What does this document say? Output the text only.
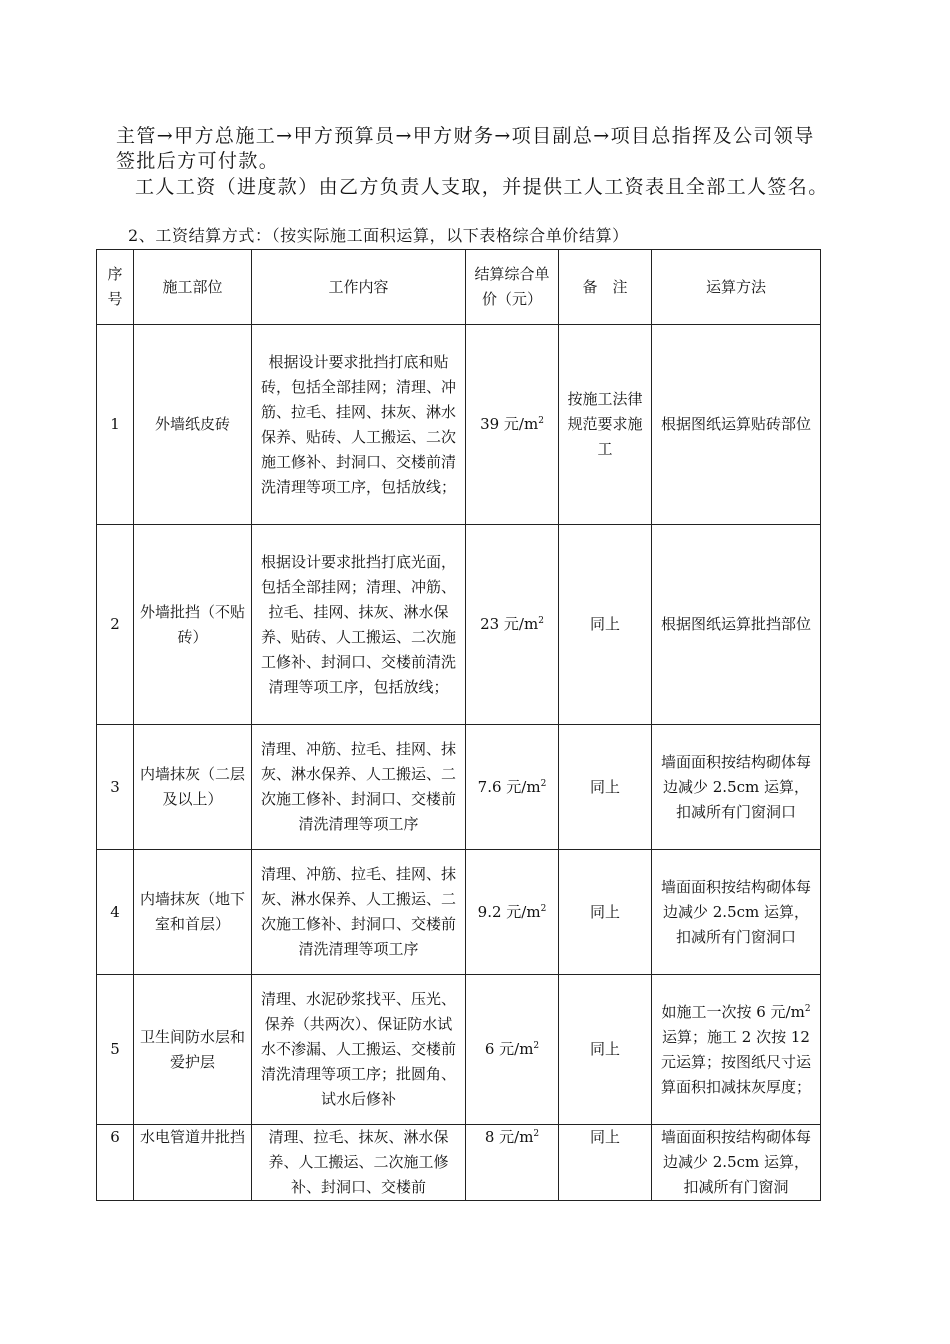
主管→甲方总施工→甲方预算员→甲方财务→项目副总→项目总指挥及公司领导签批后方可付款。

工人工资（进度款）由乙方负责人支取，并提供工人工资表且全部工人签名。

2、工资结算方式：（按实际施工面积运算，以下表格综合单价结算）

序号	施工部位	工作内容	结算综合单价（元）	备　注	运算方法
1	外墙纸皮砖	根据设计要求批挡打底和贴砖，包括全部挂网；清理、冲筋、拉毛、挂网、抹灰、淋水保养、贴砖、人工搬运、二次施工修补、封洞口、交楼前清洗清理等项工序，包括放线；	39 元$/m^2$	按施工法律规范要求施工	根据图纸运算贴砖部位
2	外墙批挡（不贴砖）	根据设计要求批挡打底光面，包括全部挂网；清理、冲筋、拉毛、挂网、抹灰、淋水保养、贴砖、人工搬运、二次施工修补、封洞口、交楼前清洗清理等项工序，包括放线；	23 元$/m^2$	同上	根据图纸运算批挡部位
3	内墙抹灰（二层及以上）	清理、冲筋、拉毛、挂网、抹灰、淋水保养、人工搬运、二次施工修补、封洞口、交楼前清洗清理等项工序	7.6 元$/m^2$	同上	墙面面积按结构砌体每边减少 2.5cm 运算，扣减所有门窗洞口
4	内墙抹灰（地下室和首层）	清理、冲筋、拉毛、挂网、抹灰、淋水保养、人工搬运、二次施工修补、封洞口、交楼前清洗清理等项工序	9.2 元$/m^2$	同上	墙面面积按结构砌体每边减少 2.5cm 运算，扣减所有门窗洞口
5	卫生间防水层和爱护层	清理、水泥砂浆找平、压光、保养（共两次）、保证防水试水不渗漏、人工搬运、交楼前清洗清理等项工序；批圆角、试水后修补	6 元$/m^2$	同上	如施工一次按 6 元$/m^2$运算；施工 2 次按 12 元运算；按图纸尺寸运算面积扣减抹灰厚度；
6	水电管道井批挡	清理、拉毛、抹灰、淋水保养、人工搬运、二次施工修补、封洞口、交楼前	8 元$/m^2$	同上	墙面面积按结构砌体每边减少 2.5cm 运算，扣减所有门窗洞
